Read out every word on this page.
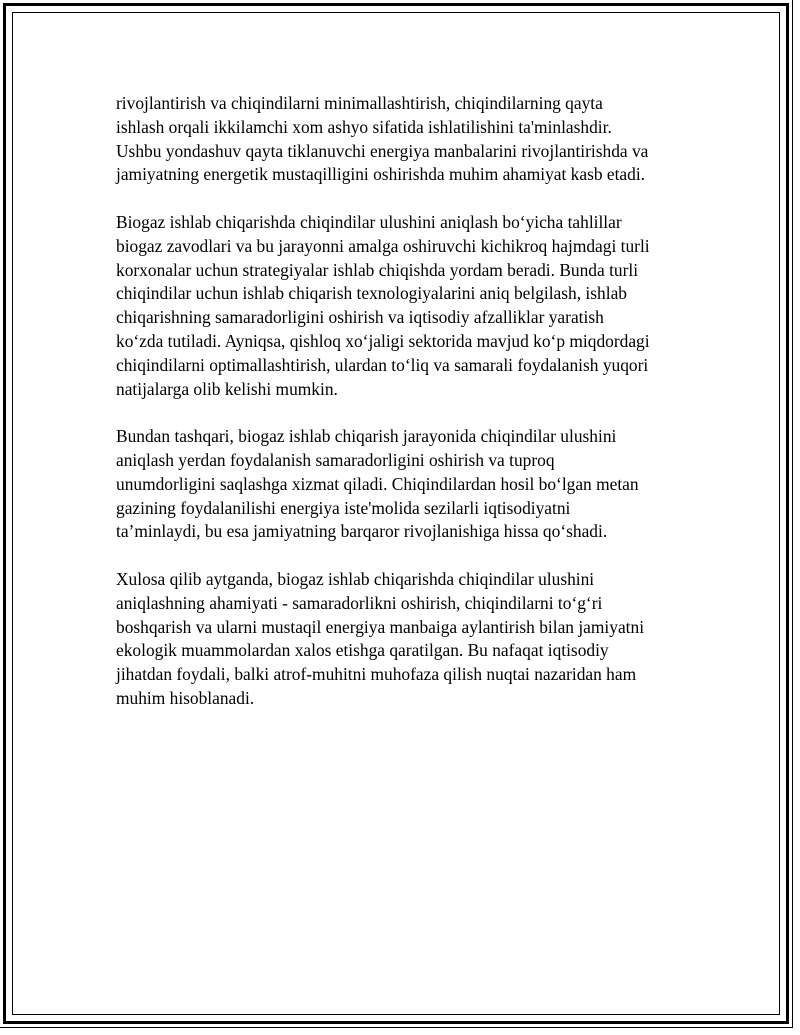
rivojlantirish va chiqindilarni minimallashtirish, chiqindilarning qayta
ishlash orqali ikkilamchi xom ashyo sifatida ishlatilishini ta'minlashdir.
Ushbu yondashuv qayta tiklanuvchi energiya manbalarini rivojlantirishda va
jamiyatning energetik mustaqilligini oshirishda muhim ahamiyat kasb etadi.

Biogaz ishlab chiqarishda chiqindilar ulushini aniqlash bo‘yicha tahlillar
biogaz zavodlari va bu jarayonni amalga oshiruvchi kichikroq hajmdagi turli
korxonalar uchun strategiyalar ishlab chiqishda yordam beradi. Bunda turli
chiqindilar uchun ishlab chiqarish texnologiyalarini aniq belgilash, ishlab
chiqarishning samaradorligini oshirish va iqtisodiy afzalliklar yaratish
ko‘zda tutiladi. Ayniqsa, qishloq xo‘jaligi sektorida mavjud ko‘p miqdordagi
chiqindilarni optimallashtirish, ulardan to‘liq va samarali foydalanish yuqori
natijalarga olib kelishi mumkin.

Bundan tashqari, biogaz ishlab chiqarish jarayonida chiqindilar ulushini
aniqlash yerdan foydalanish samaradorligini oshirish va tuproq
unumdorligini saqlashga xizmat qiladi. Chiqindilardan hosil bo‘lgan metan
gazining foydalanilishi energiya iste'molida sezilarli iqtisodiyatni
ta’minlaydi, bu esa jamiyatning barqaror rivojlanishiga hissa qo‘shadi.

Xulosa qilib aytganda, biogaz ishlab chiqarishda chiqindilar ulushini
aniqlashning ahamiyati - samaradorlikni oshirish, chiqindilarni to‘g‘ri
boshqarish va ularni mustaqil energiya manbaiga aylantirish bilan jamiyatni
ekologik muammolardan xalos etishga qaratilgan. Bu nafaqat iqtisodiy
jihatdan foydali, balki atrof-muhitni muhofaza qilish nuqtai nazaridan ham
muhim hisoblanadi.
